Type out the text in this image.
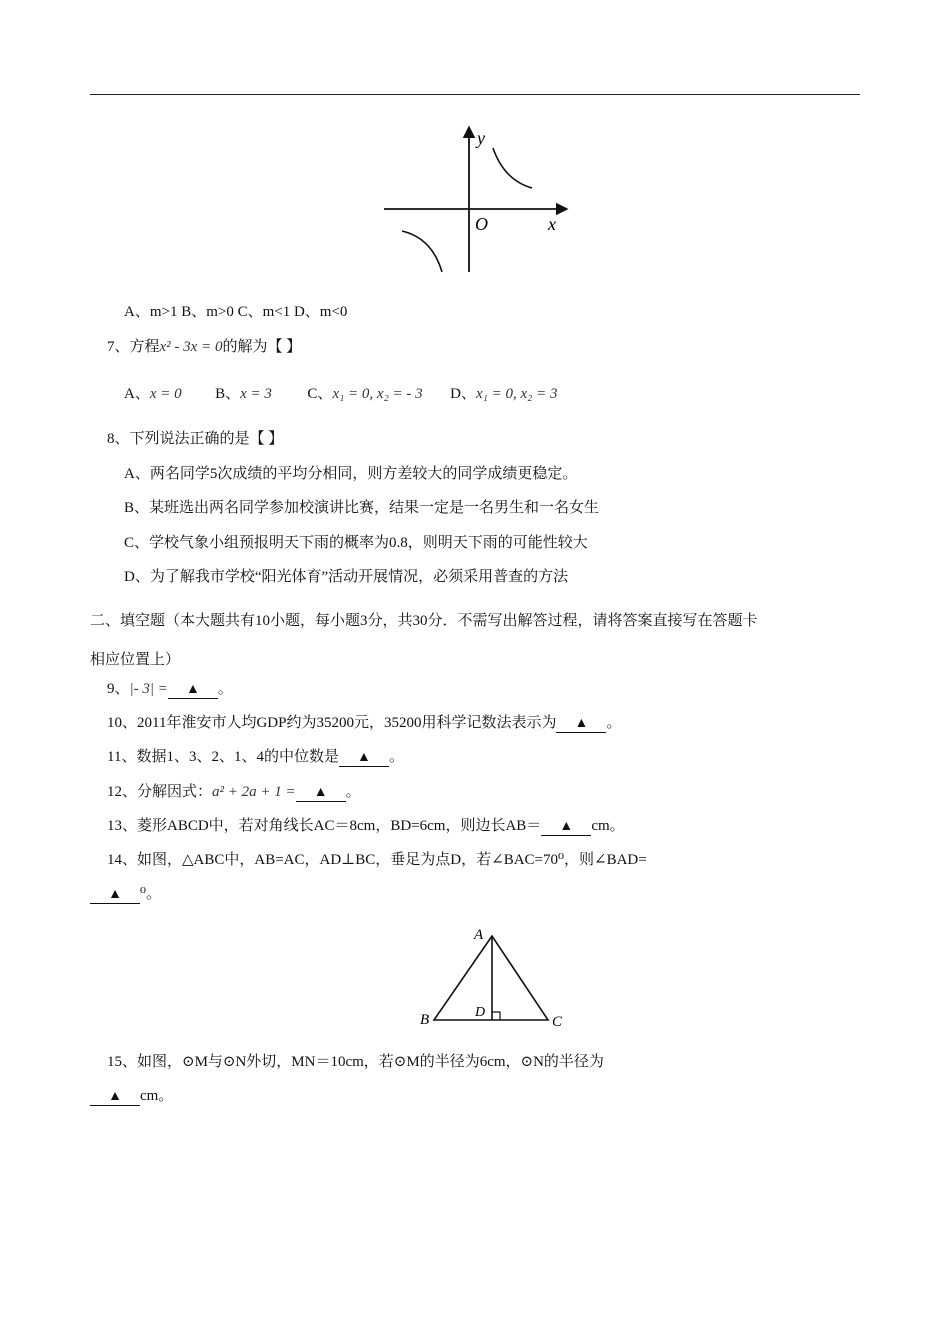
y
O	x
A、m>1 B、m>0 C、m<1 D、m<0
7、方程x² - 3x = 0的解为【 】
A、x = 0 B、x = 3 C、x₁ = 0, x₂ = - 3 D、x₁ = 0, x₂ = 3
8、下列说法正确的是【 】
A、两名同学5次成绩的平均分相同，则方差较大的同学成绩更稳定。
B、某班选出两名同学参加校演讲比赛，结果一定是一名男生和一名女生
C、学校气象小组预报明天下雨的概率为0.8，则明天下雨的可能性较大
D、为了解我市学校“阳光体育”活动开展情况，必须采用普查的方法
二、填空题（本大题共有10小题，每小题3分，共30分．不需写出解答过程，请将答案直接写在答题卡
相应位置上）
9、|- 3| = ▲ 。
10、2011年淮安市人均GDP约为35200元，35200用科学记数法表示为 ▲ 。
11、数据1、3、2、1、4的中位数是 ▲ 。
12、分解因式：a² + 2a + 1 = ▲ 。
13、菱形ABCD中，若对角线长AC＝8cm，BD=6cm，则边长AB＝ ▲ cm。
14、如图，△ABC中，AB=AC，AD⊥BC，垂足为点D，若∠BAC=70⁰，则∠BAD=
▲ ⁰。
A
B	C
D
15、如图，⊙M与⊙N外切，MN＝10cm，若⊙M的半径为6cm，⊙N的半径为
▲ cm。
